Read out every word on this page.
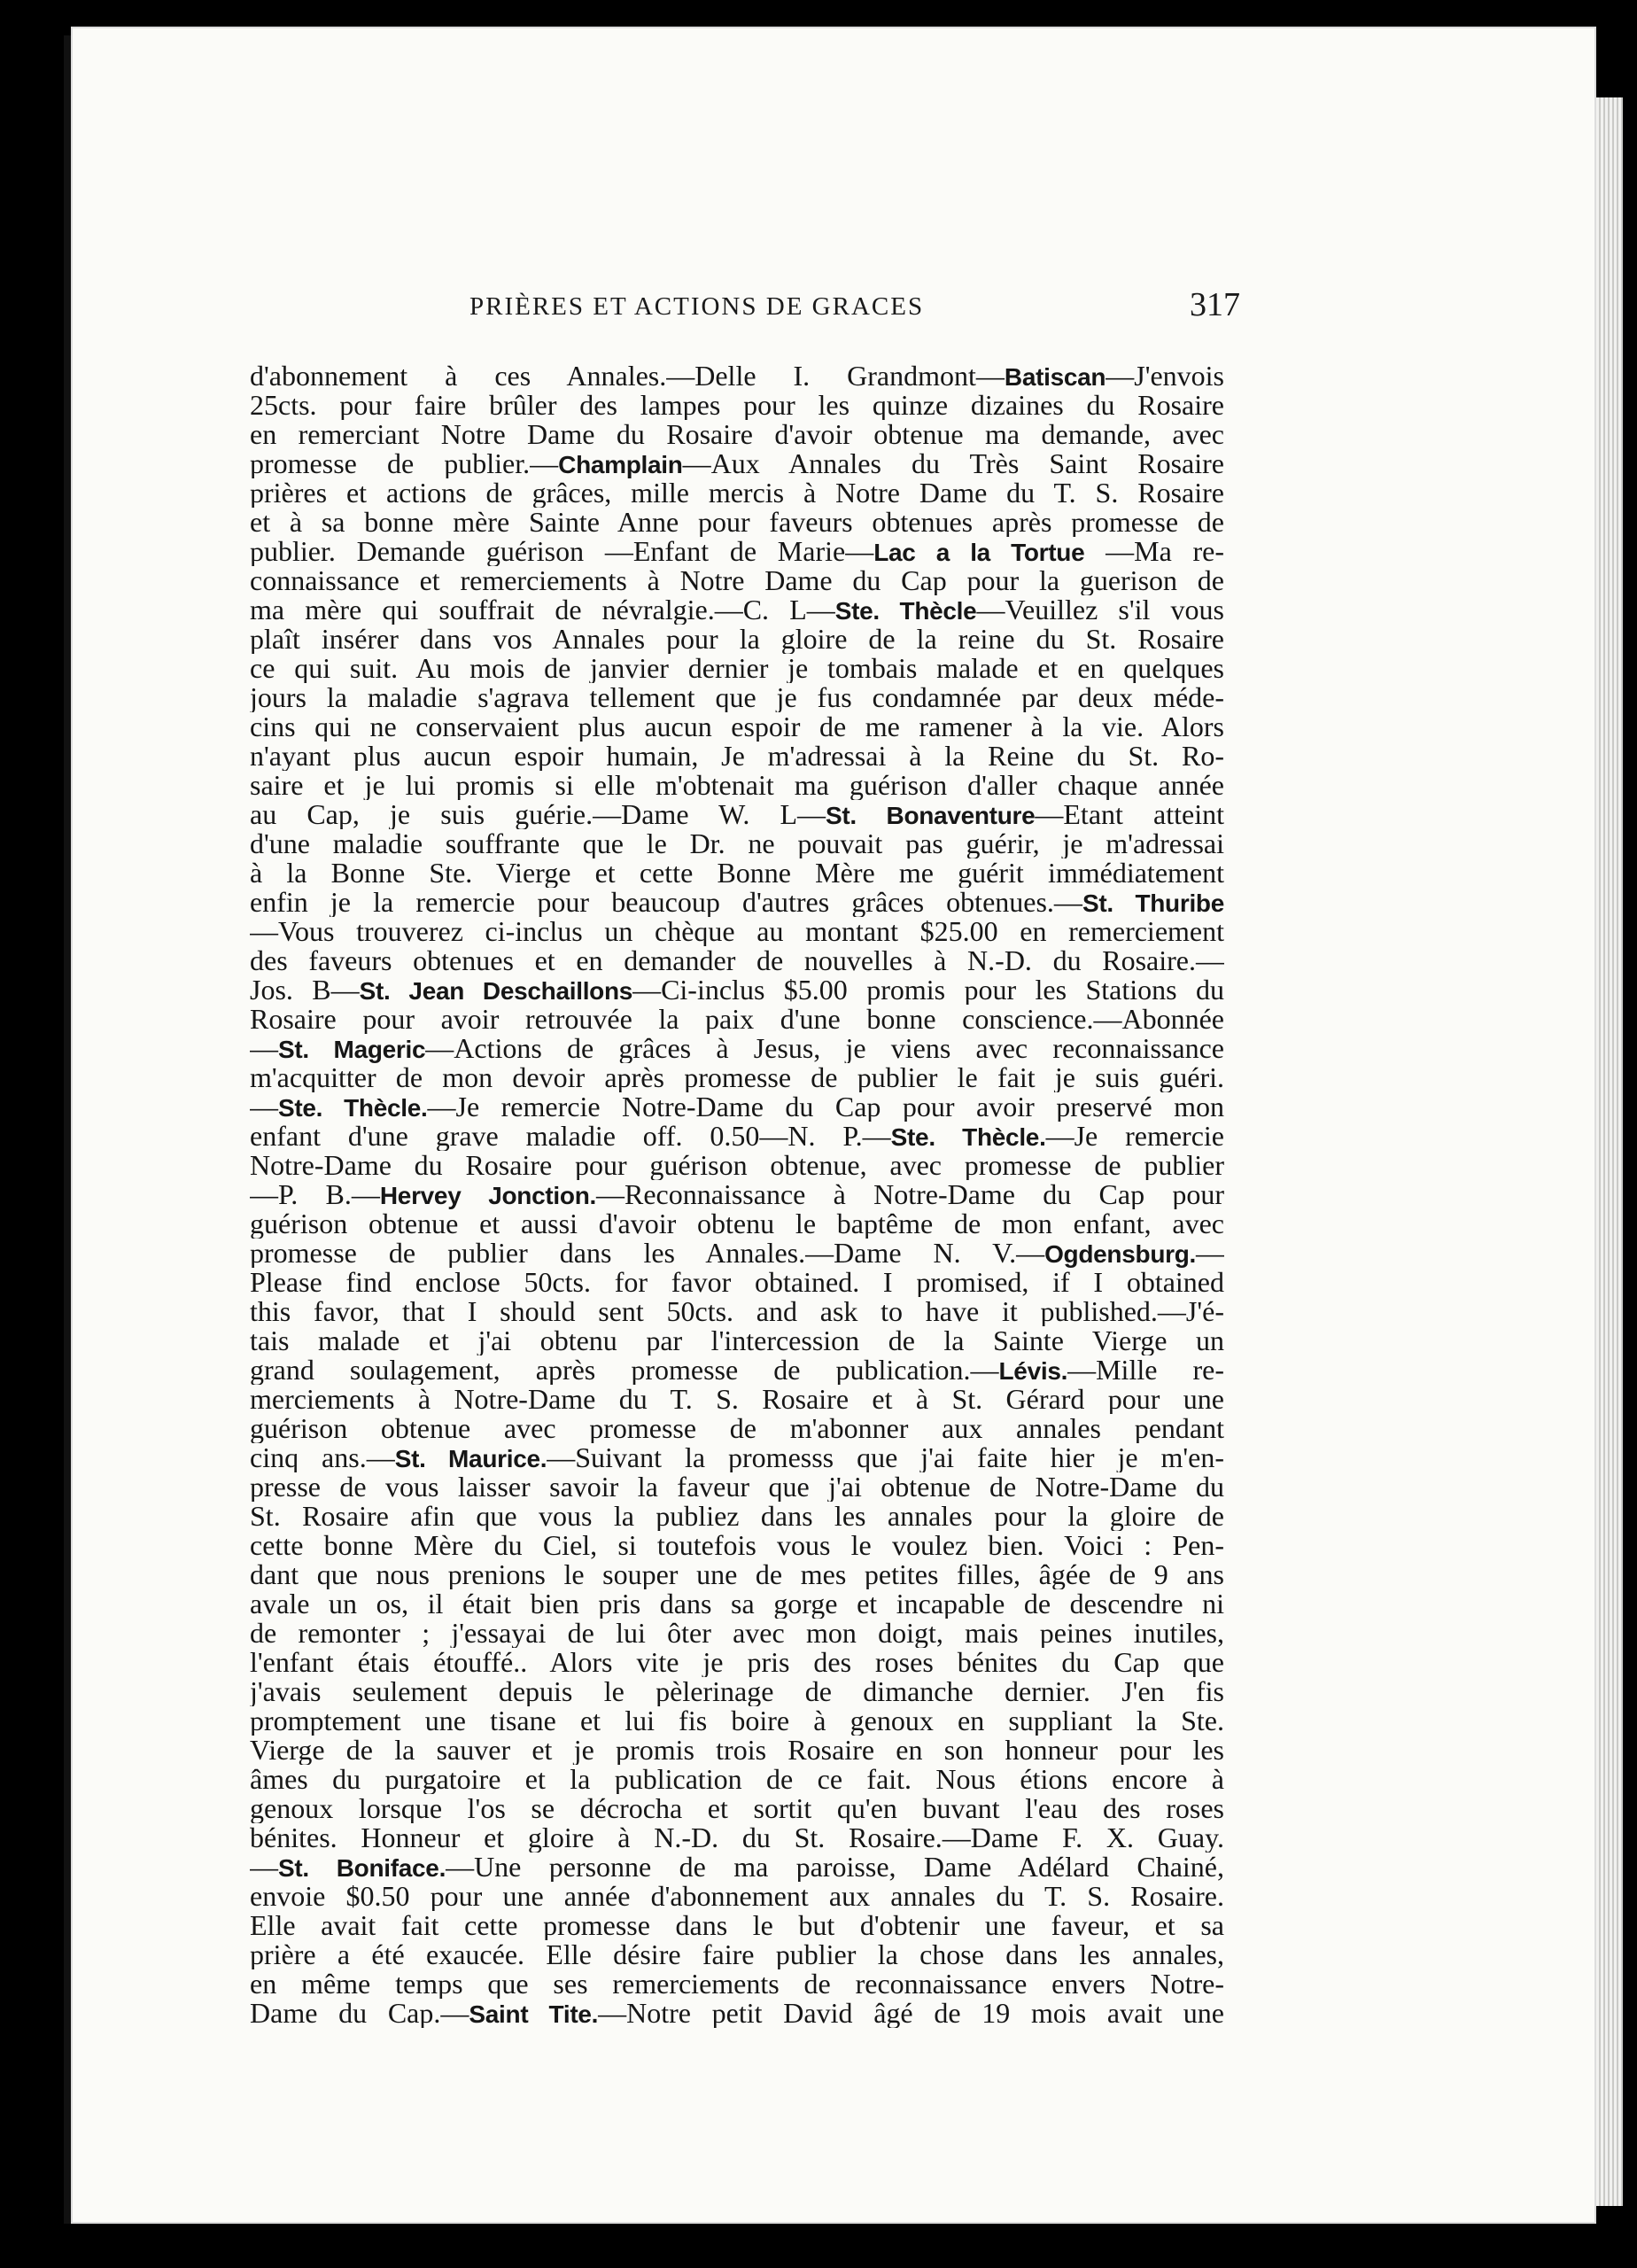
PRIÈRES ET ACTIONS DE GRACES	317
d'abonnement à ces Annales.—Delle I. Grandmont—Batiscan—J'envois
25cts. pour faire brûler des lampes pour les quinze dizaines du Rosaire
en remerciant Notre Dame du Rosaire d'avoir obtenue ma demande, avec
promesse de publier.—Champlain—Aux Annales du Très Saint Rosaire
prières et actions de grâces, mille mercis à Notre Dame du T. S. Rosaire
et à sa bonne mère Sainte Anne pour faveurs obtenues après promesse de
publier. Demande guérison —Enfant de Marie—Lac a la Tortue —Ma re-
connaissance et remerciements à Notre Dame du Cap pour la guerison de
ma mère qui souffrait de névralgie.—C. L—Ste. Thècle—Veuillez s'il vous
plaît insérer dans vos Annales pour la gloire de la reine du St. Rosaire
ce qui suit. Au mois de janvier dernier je tombais malade et en quelques
jours la maladie s'agrava tellement que je fus condamnée par deux méde-
cins qui ne conservaient plus aucun espoir de me ramener à la vie. Alors
n'ayant plus aucun espoir humain, Je m'adressai à la Reine du St. Ro-
saire et je lui promis si elle m'obtenait ma guérison d'aller chaque année
au Cap, je suis guérie.—Dame W. L—St. Bonaventure—Etant atteint
d'une maladie souffrante que le Dr. ne pouvait pas guérir, je m'adressai
à la Bonne Ste. Vierge et cette Bonne Mère me guérit immédiatement
enfin je la remercie pour beaucoup d'autres grâces obtenues.—St. Thuribe
—Vous trouverez ci-inclus un chèque au montant $25.00 en remerciement
des faveurs obtenues et en demander de nouvelles à N.-D. du Rosaire.—
Jos. B—St. Jean Deschaillons—Ci-inclus $5.00 promis pour les Stations du
Rosaire pour avoir retrouvée la paix d'une bonne conscience.—Abonnée
—St. Mageric—Actions de grâces à Jesus, je viens avec reconnaissance
m'acquitter de mon devoir après promesse de publier le fait je suis guéri.
—Ste. Thècle.—Je remercie Notre-Dame du Cap pour avoir preservé mon
enfant d'une grave maladie off. 0.50—N. P.—Ste. Thècle.—Je remercie
Notre-Dame du Rosaire pour guérison obtenue, avec promesse de publier
—P. B.—Hervey Jonction.—Reconnaissance à Notre-Dame du Cap pour
guérison obtenue et aussi d'avoir obtenu le baptême de mon enfant, avec
promesse de publier dans les Annales.—Dame N. V.—Ogdensburg.—
Please find enclose 50cts. for favor obtained. I promised, if I obtained
this favor, that I should sent 50cts. and ask to have it published.—J'é-
tais malade et j'ai obtenu par l'intercession de la Sainte Vierge un
grand soulagement, après promesse de publication.—Lévis.—Mille re-
merciements à Notre-Dame du T. S. Rosaire et à St. Gérard pour une
guérison obtenue avec promesse de m'abonner aux annales pendant
cinq ans.—St. Maurice.—Suivant la promesss que j'ai faite hier je m'en-
presse de vous laisser savoir la faveur que j'ai obtenue de Notre-Dame du
St. Rosaire afin que vous la publiez dans les annales pour la gloire de
cette bonne Mère du Ciel, si toutefois vous le voulez bien. Voici : Pen-
dant que nous prenions le souper une de mes petites filles, âgée de 9 ans
avale un os, il était bien pris dans sa gorge et incapable de descendre ni
de remonter ; j'essayai de lui ôter avec mon doigt, mais peines inutiles,
l'enfant étais étouffé.. Alors vite je pris des roses bénites du Cap que
j'avais seulement depuis le pèlerinage de dimanche dernier. J'en fis
promptement une tisane et lui fis boire à genoux en suppliant la Ste.
Vierge de la sauver et je promis trois Rosaire en son honneur pour les
âmes du purgatoire et la publication de ce fait. Nous étions encore à
genoux lorsque l'os se décrocha et sortit qu'en buvant l'eau des roses
bénites. Honneur et gloire à N.-D. du St. Rosaire.—Dame F. X. Guay.
—St. Boniface.—Une personne de ma paroisse, Dame Adélard Chainé,
envoie $0.50 pour une année d'abonnement aux annales du T. S. Rosaire.
Elle avait fait cette promesse dans le but d'obtenir une faveur, et sa
prière a été exaucée. Elle désire faire publier la chose dans les annales,
en même temps que ses remerciements de reconnaissance envers Notre-
Dame du Cap.—Saint Tite.—Notre petit David âgé de 19 mois avait une
